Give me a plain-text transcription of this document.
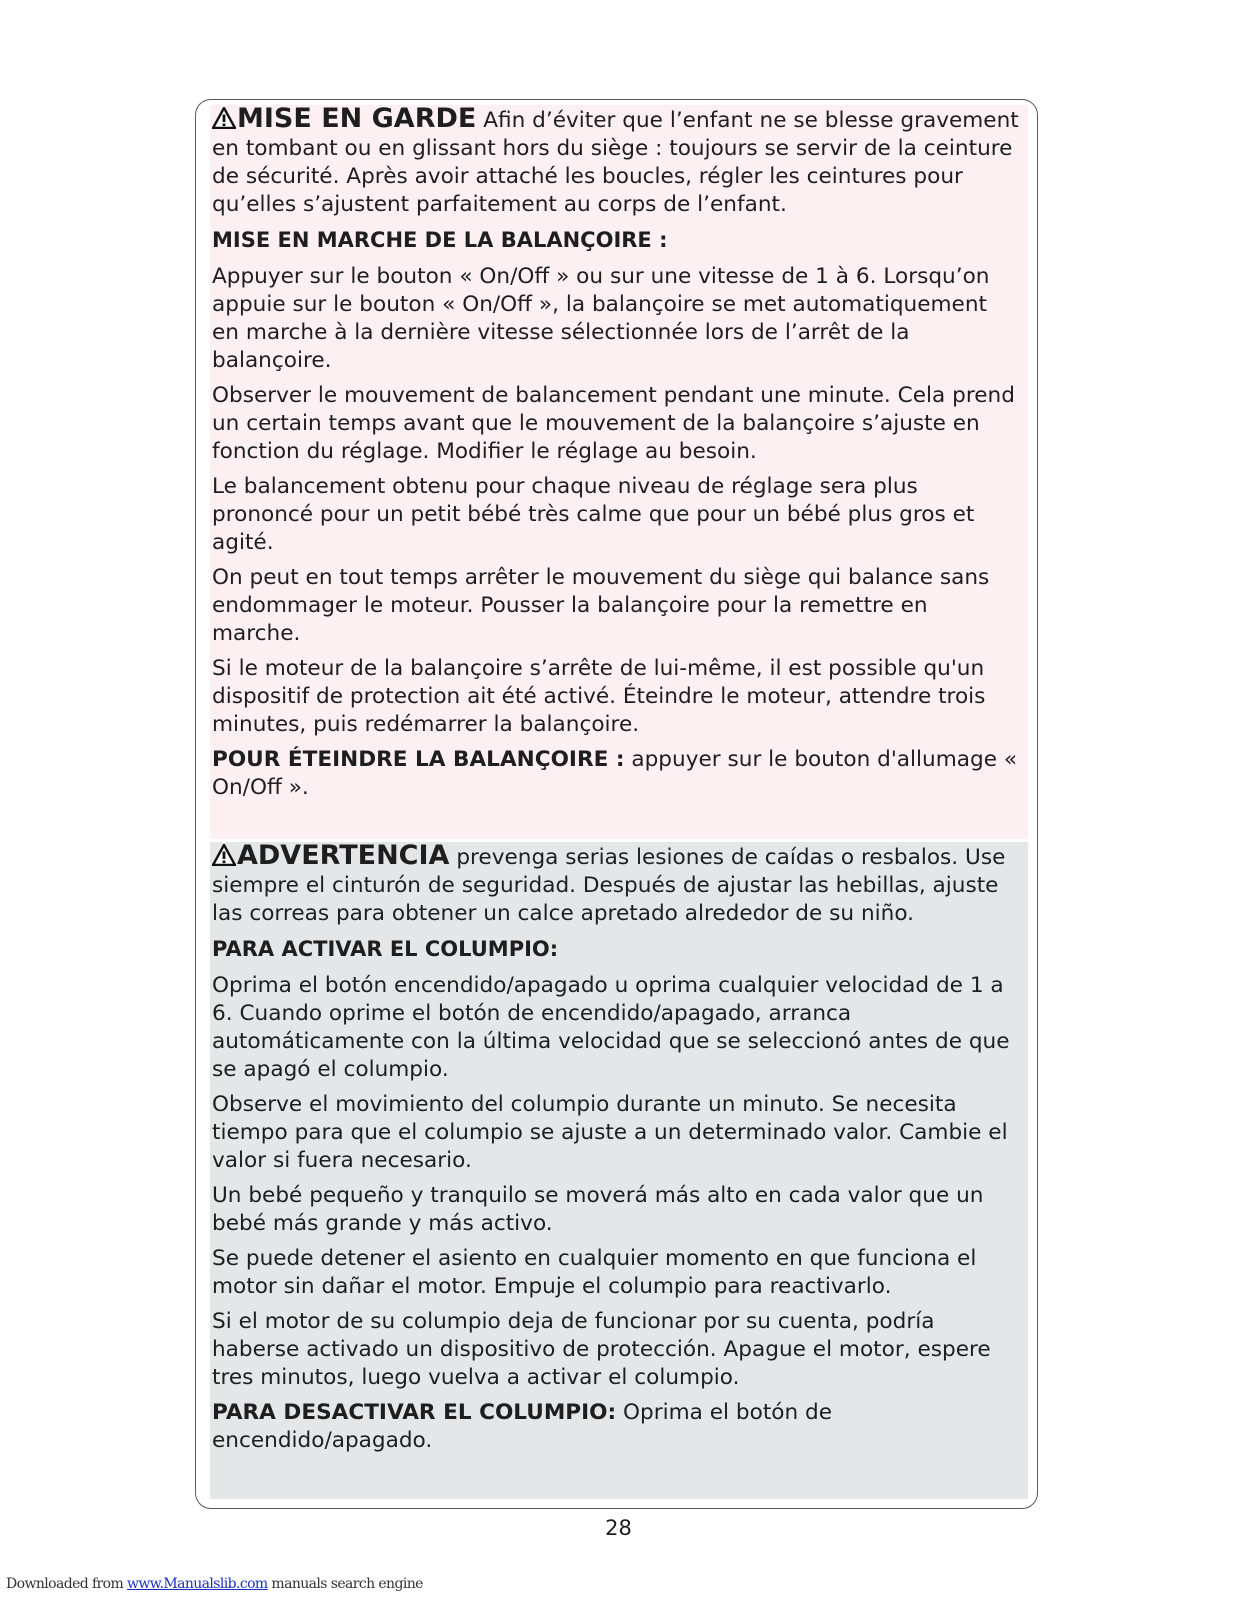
MISE EN GARDE Afin d’éviter que l’enfant ne se blesse gravement en tombant ou en glissant hors du siège : toujours se servir de la ceinture de sécurité. Après avoir attaché les boucles, régler les ceintures pour qu’elles s’ajustent parfaitement au corps de l’enfant.

MISE EN MARCHE DE LA BALANÇOIRE :

Appuyer sur le bouton « On/Off » ou sur une vitesse de 1 à 6. Lorsqu’on appuie sur le bouton « On/Off », la balançoire se met automatiquement en marche à la dernière vitesse sélectionnée lors de l’arrêt de la balançoire.

Observer le mouvement de balancement pendant une minute. Cela prend un certain temps avant que le mouvement de la balançoire s’ajuste en fonction du réglage. Modifier le réglage au besoin.

Le balancement obtenu pour chaque niveau de réglage sera plus prononcé pour un petit bébé très calme que pour un bébé plus gros et agité.

On peut en tout temps arrêter le mouvement du siège qui balance sans endommager le moteur. Pousser la balançoire pour la remettre en marche.

Si le moteur de la balançoire s’arrête de lui-même, il est possible qu'un dispositif de protection ait été activé. Éteindre le moteur, attendre trois minutes, puis redémarrer la balançoire.

POUR ÉTEINDRE LA BALANÇOIRE : appuyer sur le bouton d'allumage « On/Off ».

ADVERTENCIA prevenga serias lesiones de caídas o resbalos. Use siempre el cinturón de seguridad. Después de ajustar las hebillas, ajuste las correas para obtener un calce apretado alrededor de su niño.

PARA ACTIVAR EL COLUMPIO:

Oprima el botón encendido/apagado u oprima cualquier velocidad de 1 a 6. Cuando oprime el botón de encendido/apagado, arranca automáticamente con la última velocidad que se seleccionó antes de que se apagó el columpio.

Observe el movimiento del columpio durante un minuto. Se necesita tiempo para que el columpio se ajuste a un determinado valor. Cambie el valor si fuera necesario.

Un bebé pequeño y tranquilo se moverá más alto en cada valor que un bebé más grande y más activo.

Se puede detener el asiento en cualquier momento en que funciona el motor sin dañar el motor. Empuje el columpio para reactivarlo.

Si el motor de su columpio deja de funcionar por su cuenta, podría haberse activado un dispositivo de protección. Apague el motor, espere tres minutos, luego vuelva a activar el columpio.

PARA DESACTIVAR EL COLUMPIO: Oprima el botón de encendido/apagado.

28
Downloaded from www.Manualslib.com manuals search engine
